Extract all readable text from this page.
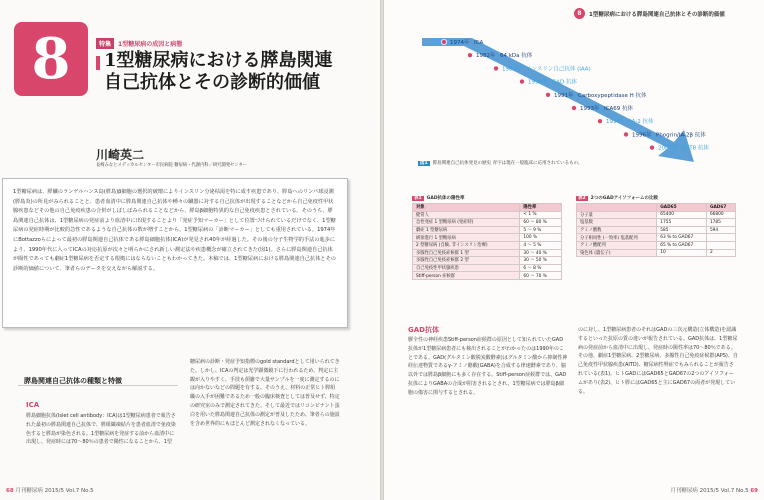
8	特集	1型糖尿病の成因と病態
1型糖尿病における膵島関連自己抗体とその診断的価値
川崎英二
長崎みなとメディカルセンター市民病院 糖尿病・代謝内科／研究開発センター
1型糖尿病は、膵臓のランゲルハンス島(膵島)β細胞の選択的破壊によりインスリン分泌枯渇を特に成す疾患であり、膵島へのリンパ球浸潤(膵島炎)の所見がみられることと、患者血清中に膵島関連自己抗体や種々の臓器に対する自己抗体が出現することなどから自己免疫性甲状腺疾患などその他の自己免疫疾患の合併がしばしばみられることなどから、膵島β細胞特異的な自己免疫疾患とされている。そのうち、膵島関連自己抗体は、1型糖尿病の発症前より血清中に出現することより「発症予知マーカー」として位置づけられているだけでなく、1型糖尿病の発症時期が比較的急性であるような自己抗体の数が増すことから、1型糖尿病の「診断マーカー」としても重用されている。1974年にBottazzoらによって最初の膵島関連自己抗体である膵島細胞抗体(ICA)が発見され40年が経過した。その後の分子生物学的手法の進歩により、1990年代に入ってICAの対応抗原が次々と明らかにされ新しい測定法や疾患概念が確立されてきた(図1)。さらに膵島関連自己抗体が陽性であっても劇症1型糖尿病を否定する根拠にはならないこともわかってきた。本稿では、1型糖尿病における膵島関連自己抗体とその診断的価値について、筆者らのデータを交えながら解説する。
膵島関連自己抗体の種類と特徴
ICA
膵島細胞抗体(Islet cell antibody：ICA)は1型糖尿病患者で報告された最初の膵島関連自己抗体で、膵組織凍結片を患者血清で免疫染色すると膵島が染色される。1型糖尿病を発症する前から血清中に出現し、発症時には70～80％の患者で陽性になることから、1型
糖尿病の診断・発症予知指標のgold standardとして用いられてきた。しかし、ICAの判定は光学顕微鏡下に行われるため、判定に主観が入りやすく、手技も煩雑で大量サンプルを一度に測定するのには向かないなどの問題を有する。そのうえ、材料の正常ヒト膵組織の入手が困難であるため一般の臨床検査としては普及せず、特定の研究室のみで測定されてきた。そして最近ではリコンビナント蛋白を用いた膵島関連自己抗体の測定が普及したため、筆者らの施設を含め世界的にもほとんど測定されなくなっている。
68 月刊糖尿病 2015/5 Vol.7 No.5
8	1型糖尿病における膵島関連自己抗体とその診断的価値
1974年 ICA
1982年 64 kDa 抗体
1983年 インスリン自己抗体 (IAA)
1990年 GAD 抗体
1991年 Carboxypeptidase H 抗体
1993年 ICA69 抗体
1994年 IA-2 抗体
1996年 Phogrin/IA-2β 抗体
2007年 ZnT8 抗体
図1 膵島関連自己抗体発見の歴史 青字は現在一般臨床に応用されているもの。
表1 GAD抗体の陽性率
対象	陽性率
健常人	< 1 %
急性発症 1 型糖尿病 (発症時)	60 ～ 80 %
劇症 1 型糖尿病	5 ～ 9 %
緩徐進行 1 型糖尿病	100 %
2 型糖尿病 (自験, 非インスリン治療)	4 ～ 5 %
多腺性自己免疫症候群 1 型	30 ～ 40 %
多腺性自己免疫症候群 2 型	30 ～ 50 %
自己免疫性甲状腺疾患	6 ～ 8 %
Stiff-person 症候群	60 ～ 70 %
表2 2つのGADアイソフォームの比較
	GAD65	GAD67
分子量	65400	66800
塩基数	1755	1785
アミノ酸数	585	594
分子相同性 (一致率) 塩基配列	63 % to GAD67	
アミノ酸配列	65 % to GAD67	
染色体 (遺伝子)	10	2
GAD抗体
膠全性の神経疾患Stiff-person症候群の原因として知られていたGAD抗体が1型糖尿病患者にも検出されることがわかったのは1990年のことである。GAD(グルタミン酸脱炭酸酵素)はグルタミン酸から抑制性神経伝達物質であるγ-アミノ酪酸(GABA)を合成する律速酵素であり、脳以外では膵島β細胞にも多く存在する。Stiff-person症候群では、GAD抗体によりGABAの合成が阻害されるとされ、1型糖尿病では膵島β細胞の傷害に関与するとされる。
のに対し、1型糖尿病患者のそれはGADの三次元構造(立体構造)を認識するといった抗原の質の違いが報告されている。GAD抗体は、1型糖尿病の発症前から血清中に出現し、発症時の陽性率は70～80％である。その他、劇症1型糖尿病、2型糖尿病、多腺性自己免疫症候群(APS)、自己免疫性甲状腺疾患(AITD)、糖尿病性腎症でもみられることが報告されている(表1)。ヒトGADにはGAD65とGAD67の2つのアイソフォームがあり(表2)、ヒト膵にはGAD65と主にGAD67の両者が発現している。
月刊糖尿病 2015/5 Vol.7 No.5 69
